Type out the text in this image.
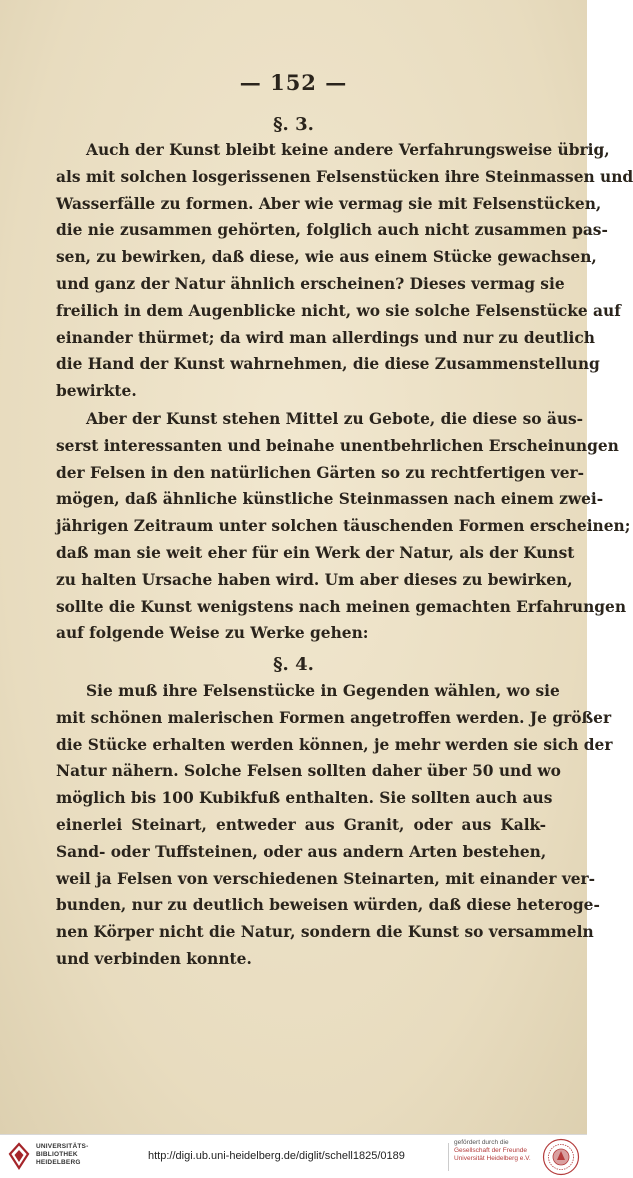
— 152 —
§. 3.
Auch der Kunst bleibt keine andere Verfahrungsweise übrig,
als mit solchen losgerissenen Felsenstücken ihre Steinmassen und
Wasserfälle zu formen. Aber wie vermag sie mit Felsenstücken,
die nie zusammen gehörten, folglich auch nicht zusammen pas-
sen, zu bewirken, daß diese, wie aus einem Stücke gewachsen,
und ganz der Natur ähnlich erscheinen? Dieses vermag sie
freilich in dem Augenblicke nicht, wo sie solche Felsenstücke auf
einander thürmet; da wird man allerdings und nur zu deutlich
die Hand der Kunst wahrnehmen, die diese Zusammenstellung
bewirkte.
Aber der Kunst stehen Mittel zu Gebote, die diese so äus-
serst interessanten und beinahe unentbehrlichen Erscheinungen
der Felsen in den natürlichen Gärten so zu rechtfertigen ver-
mögen, daß ähnliche künstliche Steinmassen nach einem zwei-
jährigen Zeitraum unter solchen täuschenden Formen erscheinen;
daß man sie weit eher für ein Werk der Natur, als der Kunst
zu halten Ursache haben wird. Um aber dieses zu bewirken,
sollte die Kunst wenigstens nach meinen gemachten Erfahrungen
auf folgende Weise zu Werke gehen:
§. 4.
Sie muß ihre Felsenstücke in Gegenden wählen, wo sie
mit schönen malerischen Formen angetroffen werden. Je größer
die Stücke erhalten werden können, je mehr werden sie sich der
Natur nähern. Solche Felsen sollten daher über 50 und wo
möglich bis 100 Kubikfuß enthalten. Sie sollten auch aus
einerlei Steinart, entweder aus Granit, oder aus Kalk-
Sand- oder Tuffsteinen, oder aus andern Arten bestehen,
weil ja Felsen von verschiedenen Steinarten, mit einander ver-
bunden, nur zu deutlich beweisen würden, daß diese heteroge-
nen Körper nicht die Natur, sondern die Kunst so versammeln
und verbinden konnte.
UNIVERSITÄTS-
BIBLIOTHEK
HEIDELBERG
http://digi.ub.uni-heidelberg.de/diglit/schell1825/0189
gefördert durch die
Gesellschaft der Freunde
Universität Heidelberg e.V.
